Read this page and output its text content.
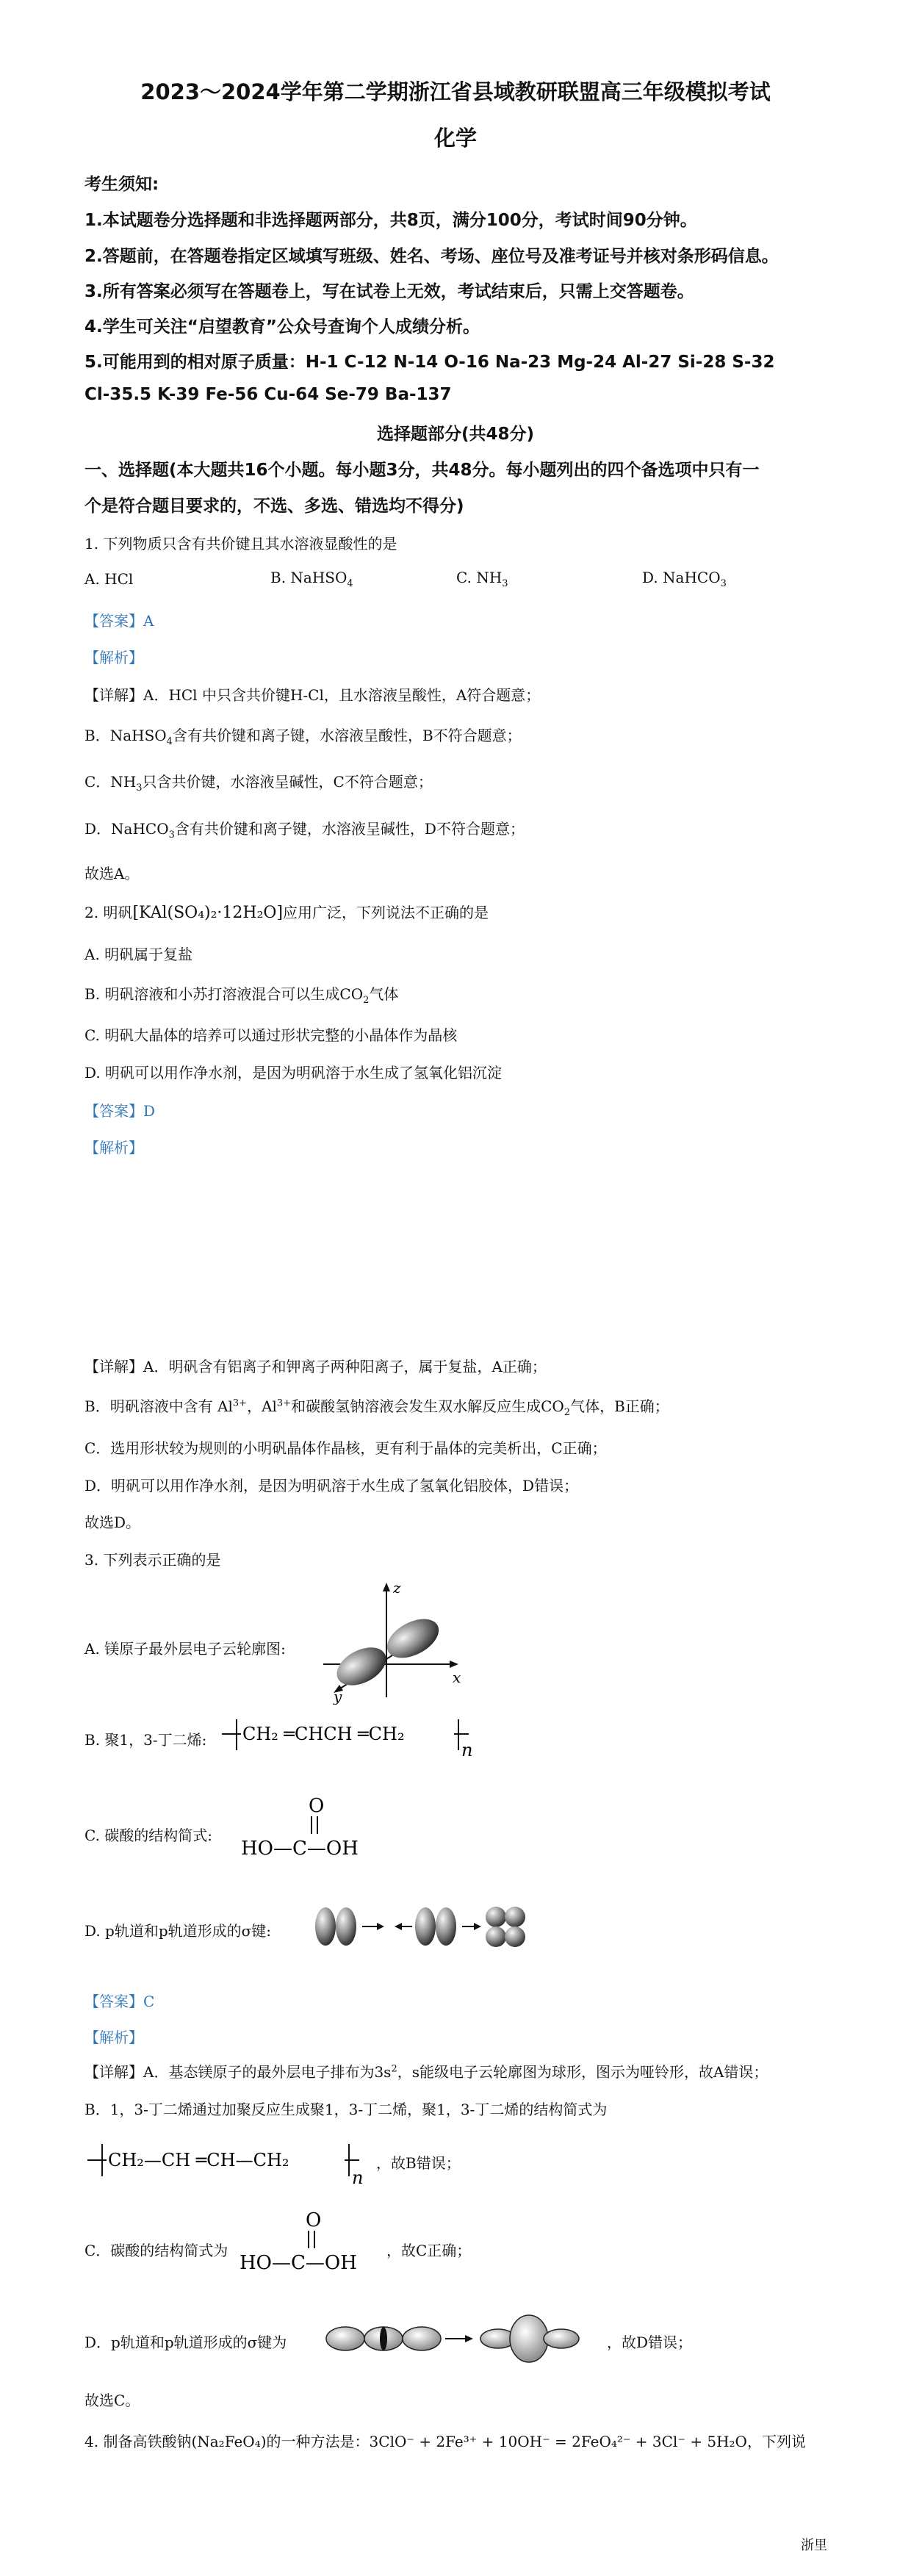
2023～2024学年第二学期浙江省县域教研联盟高三年级模拟考试
化学
考生须知:
1.本试题卷分选择题和非选择题两部分，共8页，满分100分，考试时间90分钟。
2.答题前，在答题卷指定区域填写班级、姓名、考场、座位号及准考证号并核对条形码信息。
3.所有答案必须写在答题卷上，写在试卷上无效，考试结束后，只需上交答题卷。
4.学生可关注“启望教育”公众号查询个人成绩分析。
5.可能用到的相对原子质量：H-1 C-12 N-14 O-16 Na-23 Mg-24 Al-27 Si-28 S-32
Cl-35.5 K-39 Fe-56 Cu-64 Se-79 Ba-137
选择题部分(共48分)
一、选择题(本大题共16个小题。每小题3分，共48分。每小题列出的四个备选项中只有一
个是符合题目要求的，不选、多选、错选均不得分)
1. 下列物质只含有共价键且其水溶液显酸性的是
A. HCl	B. NaHSO$_4$	C. $NH_3$	D. NaHCO$_3$
【答案】A
【解析】
【详解】A．HCl 中只含共价键H-Cl，且水溶液呈酸性，A符合题意；
B．NaHSO$_4$含有共价键和离子键，水溶液呈酸性，B不符合题意；
C．$NH_3$只含共价键，水溶液呈碱性，C不符合题意；
D．NaHCO$_3$含有共价键和离子键，水溶液呈碱性，D不符合题意；
故选A。
2. 明矾[KAl(SO₄)₂·12H₂O]应用广泛，下列说法不正确的是
A. 明矾属于复盐
B. 明矾溶液和小苏打溶液混合可以生成$CO_2$气体
C. 明矾大晶体的培养可以通过形状完整的小晶体作为晶核
D. 明矾可以用作净水剂，是因为明矾溶于水生成了氢氧化铝沉淀
【答案】D
【解析】
【详解】A．明矾含有铝离子和钾离子两种阳离子，属于复盐，A正确；
B．明矾溶液中含有 $Al^{3+}$，$Al^{3+}$和碳酸氢钠溶液会发生双水解反应生成$CO_2$气体，B正确；
C．选用形状较为规则的小明矾晶体作晶核，更有利于晶体的完美析出，C正确；
D．明矾可以用作净水剂，是因为明矾溶于水生成了氢氧化铝胶体，D错误；
故选D。
3. 下列表示正确的是
A. 镁原子最外层电子云轮廓图:
z
x
y
B. 聚1，3-丁二烯: CH₂ ═CHCH ═CH₂
n
C. 碳酸的结构简式:
O
HO—C—OH
D. p轨道和p轨道形成的σ键:
【答案】C
【解析】
【详解】A．基态镁原子的最外层电子排布为$3s^2$，s能级电子云轮廓图为球形，图示为哑铃形，故A错误；
B．1，3-丁二烯通过加聚反应生成聚1，3-丁二烯，聚1，3-丁二烯的结构简式为
CH₂—CH ═CH—CH₂
n
，故B错误；
C．碳酸的结构简式为
O
HO—C—OH
，故C正确；
D．p轨道和p轨道形成的σ键为	，故D错误；
故选C。
4. 制备高铁酸钠(Na₂FeO₄)的一种方法是：3ClO⁻ + 2Fe³⁺ + 10OH⁻ = 2FeO₄²⁻ + 3Cl⁻ + 5H₂O，下列说
浙里
